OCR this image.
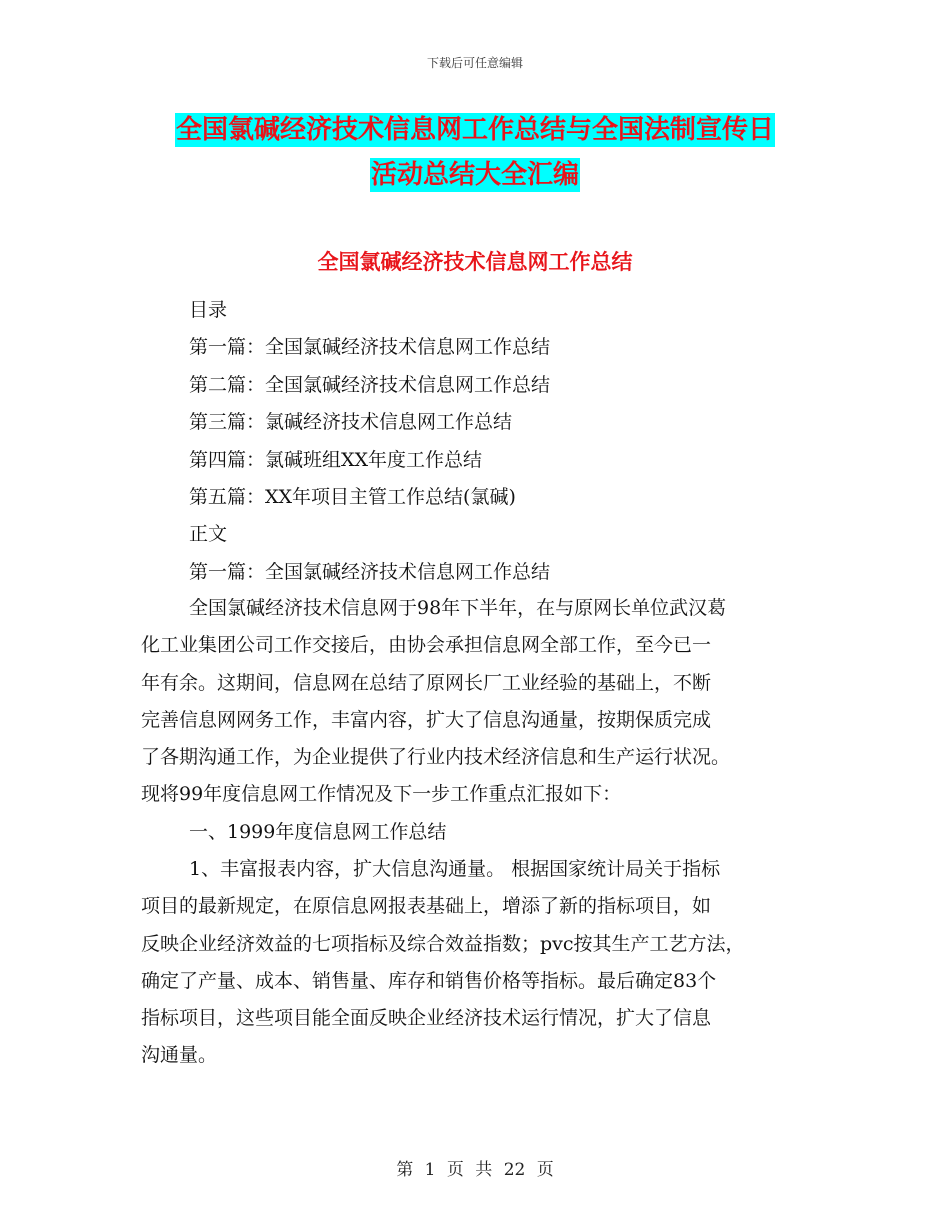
下载后可任意编辑
全国氯碱经济技术信息网工作总结与全国法制宣传日
活动总结大全汇编
全国氯碱经济技术信息网工作总结
目录
第一篇：全国氯碱经济技术信息网工作总结
第二篇：全国氯碱经济技术信息网工作总结
第三篇：氯碱经济技术信息网工作总结
第四篇：氯碱班组XX年度工作总结
第五篇：XX年项目主管工作总结(氯碱)
正文
第一篇：全国氯碱经济技术信息网工作总结
全国氯碱经济技术信息网于98年下半年，在与原网长单位武汉葛
化工业集团公司工作交接后，由协会承担信息网全部工作，至今已一
年有余。这期间，信息网在总结了原网长厂工业经验的基础上，不断
完善信息网网务工作，丰富内容，扩大了信息沟通量，按期保质完成
了各期沟通工作，为企业提供了行业内技术经济信息和生产运行状况。
现将99年度信息网工作情况及下一步工作重点汇报如下：
一、1999年度信息网工作总结
1、丰富报表内容，扩大信息沟通量。 根据国家统计局关于指标
项目的最新规定，在原信息网报表基础上，增添了新的指标项目，如
反映企业经济效益的七项指标及综合效益指数；pvc按其生产工艺方法，
确定了产量、成本、销售量、库存和销售价格等指标。最后确定83个
指标项目，这些项目能全面反映企业经济技术运行情况，扩大了信息
沟通量。
第 1 页 共 22 页
